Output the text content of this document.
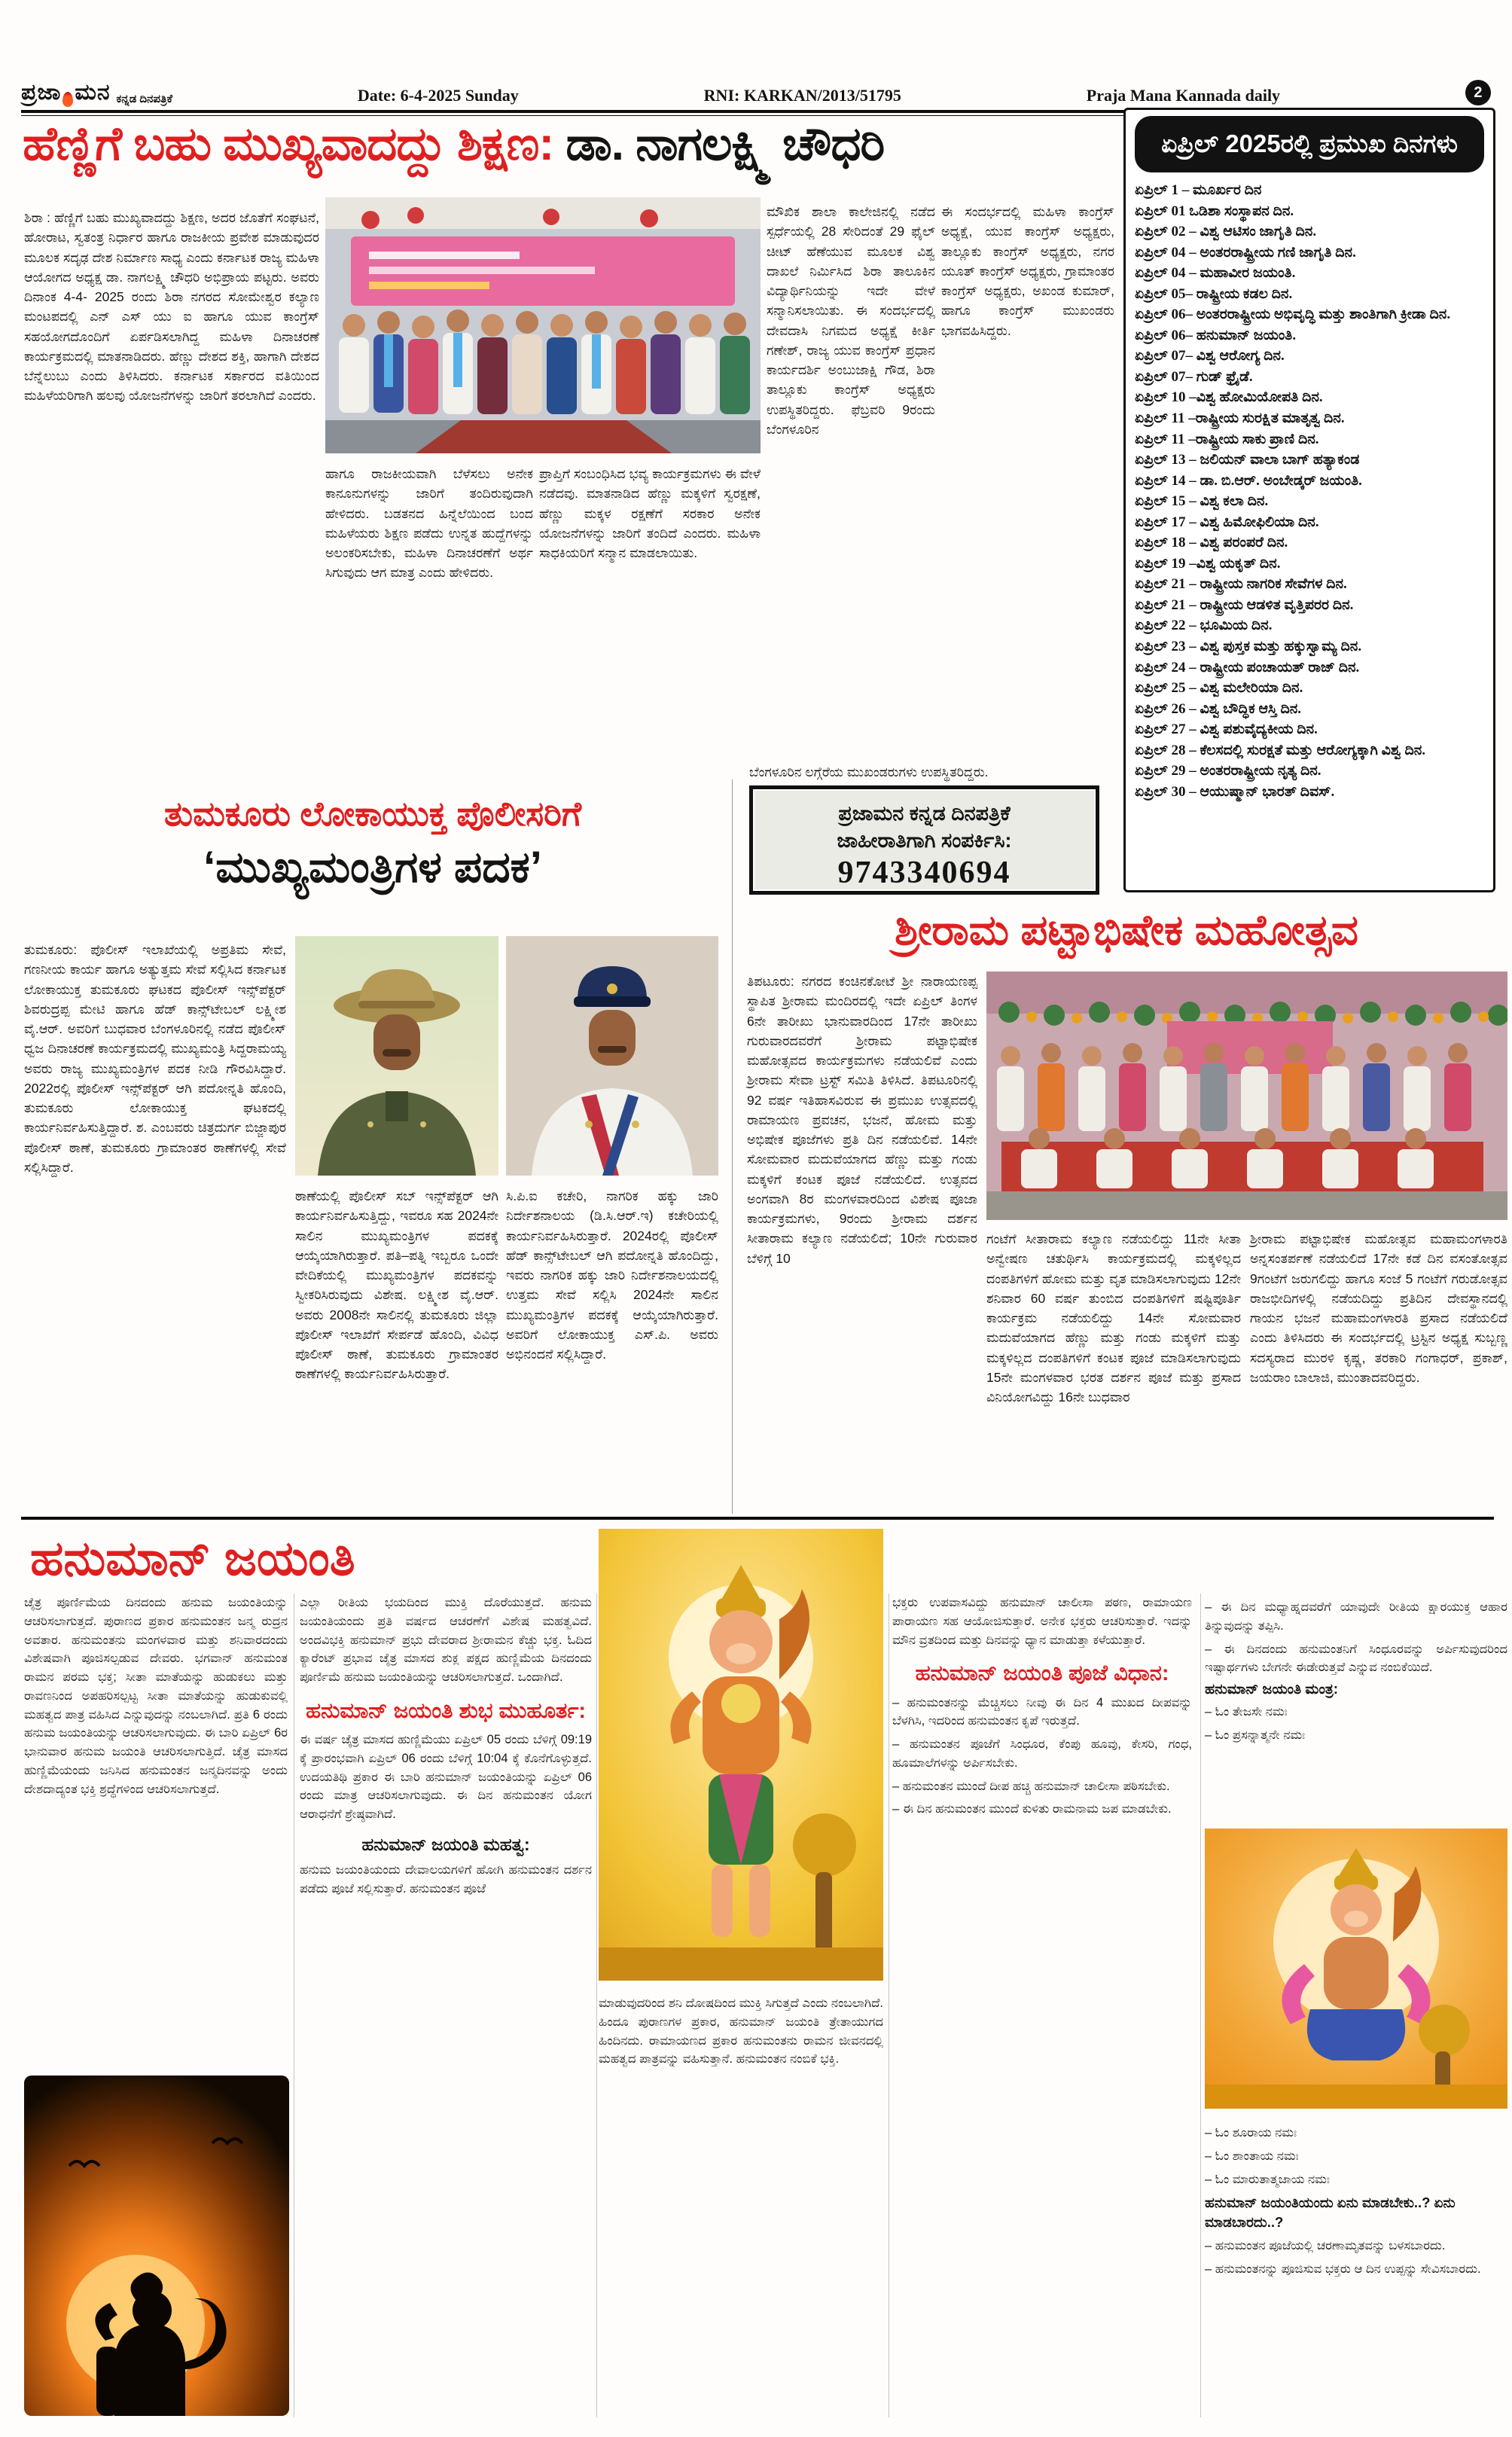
ಪ್ರಜಾ ಮನ ಕನ್ನಡ ದಿನಪತ್ರಿಕೆ	Date: 6-4-2025 Sunday	RNI: KARKAN/2013/51795	Praja Mana Kannada daily	2
ಹೆಣ್ಣಿಗೆ ಬಹು ಮುಖ್ಯವಾದದ್ದು ಶಿಕ್ಷಣ: ಡಾ. ನಾಗಲಕ್ಷ್ಮಿ ಚೌಧರಿ
ಶಿರಾ : ಹೆಣ್ಣಿಗೆ ಬಹು ಮುಖ್ಯವಾದದ್ದು ಶಿಕ್ಷಣ, ಅದರ ಜೊತೆಗೆ ಸಂಘಟನೆ, ಹೋರಾಟ, ಸ್ವತಂತ್ರ ನಿರ್ಧಾರ ಹಾಗೂ ರಾಜಕೀಯ ಪ್ರವೇಶ ಮಾಡುವುದರ ಮೂಲಕ ಸದೃಢ ದೇಶ ನಿರ್ಮಾಣ ಸಾಧ್ಯ ಎಂದು ಕರ್ನಾಟಕ ರಾಜ್ಯ ಮಹಿಳಾ ಆಯೋಗದ ಅಧ್ಯಕ್ಷ ಡಾ. ನಾಗಲಕ್ಷ್ಮಿ ಚೌಧರಿ ಅಭಿಪ್ರಾಯ ಪಟ್ಟರು. ಅವರು ದಿನಾಂಕ 4-4- 2025 ರಂದು ಶಿರಾ ನಗರದ ಸೋಮೇಶ್ವರ ಕಲ್ಯಾಣ ಮಂಟಪದಲ್ಲಿ ಎನ್ ಎಸ್ ಯು ಐ ಹಾಗೂ ಯುವ ಕಾಂಗ್ರೆಸ್ ಸಹಯೋಗದೊಂದಿಗೆ ಏರ್ಪಡಿಸಲಾಗಿದ್ದ ಮಹಿಳಾ ದಿನಾಚರಣೆ ಕಾರ್ಯಕ್ರಮದಲ್ಲಿ ಮಾತನಾಡಿದರು. ಹೆಣ್ಣು ದೇಶದ ಶಕ್ತಿ, ಹಾಗಾಗಿ ದೇಶದ ಬೆನ್ನೆಲುಬು ಎಂದು ತಿಳಿಸಿದರು. ಕರ್ನಾಟಕ ಸರ್ಕಾರದ ವತಿಯಿಂದ ಮಹಿಳೆಯರಿಗಾಗಿ ಹಲವು ಯೋಜನೆಗಳನ್ನು ಜಾರಿಗೆ ತರಲಾಗಿದೆ ಎಂದರು.
ಹಾಗೂ ರಾಜಕೀಯವಾಗಿ ಬೆಳೆಸಲು ಅನೇಕ ಕಾನೂನುಗಳನ್ನು ಜಾರಿಗೆ ತಂದಿರುವುದಾಗಿ ಹೇಳಿದರು. ಬಡತನದ ಹಿನ್ನೆಲೆಯಿಂದ ಬಂದ ಮಹಿಳೆಯರು ಶಿಕ್ಷಣ ಪಡೆದು ಉನ್ನತ ಹುದ್ದೆಗಳನ್ನು ಅಲಂಕರಿಸಬೇಕು, ಮಹಿಳಾ ದಿನಾಚರಣೆಗೆ ಅರ್ಥ ಸಿಗುವುದು ಆಗ ಮಾತ್ರ ಎಂದು ಹೇಳಿದರು.
ಪ್ರಾಪ್ತಿಗೆ ಸಂಬಂಧಿಸಿದ ಭವ್ಯ ಕಾರ್ಯಕ್ರಮಗಳು ಈ ವೇಳೆ ನಡೆದವು. ಮಾತನಾಡಿದ ಹೆಣ್ಣು ಮಕ್ಕಳಿಗೆ ಸ್ವರಕ್ಷಣೆ, ಹೆಣ್ಣು ಮಕ್ಕಳ ರಕ್ಷಣೆಗೆ ಸರಕಾರ ಅನೇಕ ಯೋಜನೆಗಳನ್ನು ಜಾರಿಗೆ ತಂದಿದೆ ಎಂದರು. ಮಹಿಳಾ ಸಾಧಕಿಯರಿಗೆ ಸನ್ಮಾನ ಮಾಡಲಾಯಿತು.
ಮೌಖಿಕ ಶಾಲಾ ಕಾಲೇಜಿನಲ್ಲಿ ನಡೆದ ಸ್ಪರ್ಧೆಯಲ್ಲಿ 28 ಸೇರಿದಂತೆ 29 ಫೈಲ್ ಚೀಟ್ ಹೆಣೆಯುವ ಮೂಲಕ ವಿಶ್ವ ದಾಖಲೆ ನಿರ್ಮಿಸಿದ ಶಿರಾ ತಾಲೂಕಿನ ವಿದ್ಯಾರ್ಥಿನಿಯನ್ನು ಇದೇ ವೇಳೆ ಸನ್ಮಾನಿಸಲಾಯಿತು. ಈ ಸಂದರ್ಭದಲ್ಲಿ ದೇವದಾಸಿ ನಿಗಮದ ಅಧ್ಯಕ್ಷೆ ಕೀರ್ತಿ ಗಣೇಶ್, ರಾಜ್ಯ ಯುವ ಕಾಂಗ್ರೆಸ್ ಪ್ರಧಾನ ಕಾರ್ಯದರ್ಶಿ ಅಂಬುಜಾಕ್ಷಿ ಗೌಡ, ಶಿರಾ ತಾಲ್ಲೂಕು ಕಾಂಗ್ರೆಸ್ ಅಧ್ಯಕ್ಷರು ಉಪಸ್ಥಿತರಿದ್ದರು. ಫೆಬ್ರವರಿ 9ರಂದು ಬೆಂಗಳೂರಿನ
ಈ ಸಂದರ್ಭದಲ್ಲಿ ಮಹಿಳಾ ಕಾಂಗ್ರೆಸ್ ಅಧ್ಯಕ್ಷೆ, ಯುವ ಕಾಂಗ್ರೆಸ್ ಅಧ್ಯಕ್ಷರು, ತಾಲ್ಲೂಕು ಕಾಂಗ್ರೆಸ್ ಅಧ್ಯಕ್ಷರು, ನಗರ ಯೂತ್ ಕಾಂಗ್ರೆಸ್ ಅಧ್ಯಕ್ಷರು, ಗ್ರಾಮಾಂತರ ಕಾಂಗ್ರೆಸ್ ಅಧ್ಯಕ್ಷರು, ಅಖಂಡ ಕುಮಾರ್, ಹಾಗೂ ಕಾಂಗ್ರೆಸ್ ಮುಖಂಡರು ಭಾಗವಹಿಸಿದ್ದರು.
ಬೆಂಗಳೂರಿನ ಲಗ್ಗೆರೆಯ ಮುಖಂಡರುಗಳು ಉಪಸ್ಥಿತರಿದ್ದರು.
ಏಪ್ರಿಲ್ 2025ರಲ್ಲಿ ಪ್ರಮುಖ ದಿನಗಳು
ಏಪ್ರಿಲ್ 1 – ಮೂರ್ಖರ ದಿನ
ಏಪ್ರಿಲ್ 01 ಒಡಿಶಾ ಸಂಸ್ಥಾಪನ ದಿನ.
ಏಪ್ರಿಲ್ 02 – ವಿಶ್ವ ಆಟಿಸಂ ಜಾಗೃತಿ ದಿನ.
ಏಪ್ರಿಲ್ 04 – ಅಂತರರಾಷ್ಟ್ರೀಯ ಗಣಿ ಜಾಗೃತಿ ದಿನ.
ಏಪ್ರಿಲ್ 04 – ಮಹಾವೀರ ಜಯಂತಿ.
ಏಪ್ರಿಲ್ 05– ರಾಷ್ಟ್ರೀಯ ಕಡಲ ದಿನ.
ಏಪ್ರಿಲ್ 06– ಅಂತರರಾಷ್ಟ್ರೀಯ ಅಭಿವೃದ್ಧಿ ಮತ್ತು ಶಾಂತಿಗಾಗಿ ಕ್ರೀಡಾ ದಿನ.
ಏಪ್ರಿಲ್ 06– ಹನುಮಾನ್ ಜಯಂತಿ.
ಏಪ್ರಿಲ್ 07– ವಿಶ್ವ ಆರೋಗ್ಯ ದಿನ.
ಏಪ್ರಿಲ್ 07– ಗುಡ್ ಫ್ರೈಡೆ.
ಏಪ್ರಿಲ್ 10 –ವಿಶ್ವ ಹೋಮಿಯೋಪತಿ ದಿನ.
ಏಪ್ರಿಲ್ 11 –ರಾಷ್ಟ್ರೀಯ ಸುರಕ್ಷಿತ ಮಾತೃತ್ವ ದಿನ.
ಏಪ್ರಿಲ್ 11 –ರಾಷ್ಟ್ರೀಯ ಸಾಕು ಪ್ರಾಣಿ ದಿನ.
ಏಪ್ರಿಲ್ 13 – ಜಲಿಯನ್ ವಾಲಾ ಬಾಗ್ ಹತ್ಯಾಕಂಡ
ಏಪ್ರಿಲ್ 14 – ಡಾ. ಬಿ.ಆರ್. ಅಂಬೇಡ್ಕರ್ ಜಯಂತಿ.
ಏಪ್ರಿಲ್ 15 – ವಿಶ್ವ ಕಲಾ ದಿನ.
ಏಪ್ರಿಲ್ 17 – ವಿಶ್ವ ಹಿಮೋಫಿಲಿಯಾ ದಿನ.
ಏಪ್ರಿಲ್ 18 – ವಿಶ್ವ ಪರಂಪರೆ ದಿನ.
ಏಪ್ರಿಲ್ 19 –ವಿಶ್ವ ಯಕೃತ್ ದಿನ.
ಏಪ್ರಿಲ್ 21 – ರಾಷ್ಟ್ರೀಯ ನಾಗರಿಕ ಸೇವೆಗಳ ದಿನ.
ಏಪ್ರಿಲ್ 21 – ರಾಷ್ಟ್ರೀಯ ಆಡಳಿತ ವೃತ್ತಿಪರರ ದಿನ.
ಏಪ್ರಿಲ್ 22 – ಭೂಮಿಯ ದಿನ.
ಏಪ್ರಿಲ್ 23 – ವಿಶ್ವ ಪುಸ್ತಕ ಮತ್ತು ಹಕ್ಕುಸ್ವಾಮ್ಯ ದಿನ.
ಏಪ್ರಿಲ್ 24 – ರಾಷ್ಟ್ರೀಯ ಪಂಚಾಯತ್ ರಾಜ್ ದಿನ.
ಏಪ್ರಿಲ್ 25 – ವಿಶ್ವ ಮಲೇರಿಯಾ ದಿನ.
ಏಪ್ರಿಲ್ 26 – ವಿಶ್ವ ಬೌದ್ಧಿಕ ಆಸ್ತಿ ದಿನ.
ಏಪ್ರಿಲ್ 27 – ವಿಶ್ವ ಪಶುವೈದ್ಯಕೀಯ ದಿನ.
ಏಪ್ರಿಲ್ 28 – ಕೆಲಸದಲ್ಲಿ ಸುರಕ್ಷತೆ ಮತ್ತು ಆರೋಗ್ಯಕ್ಕಾಗಿ ವಿಶ್ವ ದಿನ.
ಏಪ್ರಿಲ್ 29 – ಅಂತರರಾಷ್ಟ್ರೀಯ ನೃತ್ಯ ದಿನ.
ಏಪ್ರಿಲ್ 30 – ಆಯುಷ್ಮಾನ್ ಭಾರತ್ ದಿವಸ್.
ಪ್ರಜಾಮನ ಕನ್ನಡ ದಿನಪತ್ರಿಕೆ
ಜಾಹೀರಾತಿಗಾಗಿ ಸಂಪರ್ಕಿಸಿ:
9743340694
ತುಮಕೂರು ಲೋಕಾಯುಕ್ತ ಪೊಲೀಸರಿಗೆ
‘ಮುಖ್ಯಮಂತ್ರಿಗಳ ಪದಕ’
ತುಮಕೂರು: ಪೊಲೀಸ್ ಇಲಾಖೆಯಲ್ಲಿ ಅಪ್ರತಿಮ ಸೇವೆ, ಗಣನೀಯ ಕಾರ್ಯ ಹಾಗೂ ಅತ್ಯುತ್ತಮ ಸೇವೆ ಸಲ್ಲಿಸಿದ ಕರ್ನಾಟಕ ಲೋಕಾಯುಕ್ತ ತುಮಕೂರು ಘಟಕದ ಪೊಲೀಸ್ ಇನ್ಸ್‌ಪೆಕ್ಟರ್ ಶಿವರುದ್ರಪ್ಪ ಮೇಟಿ ಹಾಗೂ ಹೆಡ್ ಕಾನ್ಸ್‌ಟೇಬಲ್ ಲಕ್ಷ್ಮೀಶ ವೈ.ಆರ್. ಅವರಿಗೆ ಬುಧವಾರ ಬೆಂಗಳೂರಿನಲ್ಲಿ ನಡೆದ ಪೊಲೀಸ್ ಧ್ವಜ ದಿನಾಚರಣೆ ಕಾರ್ಯಕ್ರಮದಲ್ಲಿ ಮುಖ್ಯಮಂತ್ರಿ ಸಿದ್ದರಾಮಯ್ಯ ಅವರು ರಾಜ್ಯ ಮುಖ್ಯಮಂತ್ರಿಗಳ ಪದಕ ನೀಡಿ ಗೌರವಿಸಿದ್ದಾರೆ. 2022ರಲ್ಲಿ ಪೊಲೀಸ್ ಇನ್ಸ್‌ಪೆಕ್ಟರ್ ಆಗಿ ಪದೋನ್ನತಿ ಹೊಂದಿ, ತುಮಕೂರು ಲೋಕಾಯುಕ್ತ ಘಟಕದಲ್ಲಿ ಕಾರ್ಯನಿರ್ವಹಿಸುತ್ತಿದ್ದಾರೆ. ಶ. ಎಂಬವರು ಚಿತ್ರದುರ್ಗ ಬಿಜ್ಜಾಪುರ ಪೊಲೀಸ್ ಠಾಣೆ, ತುಮಕೂರು ಗ್ರಾಮಾಂತರ ಠಾಣೆಗಳಲ್ಲಿ ಸೇವೆ ಸಲ್ಲಿಸಿದ್ದಾರೆ.
ಠಾಣೆಯಲ್ಲಿ ಪೊಲೀಸ್ ಸಬ್ ಇನ್ಸ್‌ಪೆಕ್ಟರ್ ಆಗಿ ಕಾರ್ಯನಿರ್ವಹಿಸುತ್ತಿದ್ದು, ಇವರೂ ಸಹ 2024ನೇ ಸಾಲಿನ ಮುಖ್ಯಮಂತ್ರಿಗಳ ಪದಕಕ್ಕೆ ಆಯ್ಕೆಯಾಗಿರುತ್ತಾರೆ. ಪತಿ–ಪತ್ನಿ ಇಬ್ಬರೂ ಒಂದೇ ವೇದಿಕೆಯಲ್ಲಿ ಮುಖ್ಯಮಂತ್ರಿಗಳ ಪದಕವನ್ನು ಸ್ವೀಕರಿಸಿರುವುದು ವಿಶೇಷ. ಲಕ್ಷ್ಮೀಶ ವೈ.ಆರ್. ಅವರು 2008ನೇ ಸಾಲಿನಲ್ಲಿ ತುಮಕೂರು ಜಿಲ್ಲಾ ಪೊಲೀಸ್ ಇಲಾಖೆಗೆ ಸೇರ್ಪಡೆ ಹೊಂದಿ, ವಿವಿಧ ಪೊಲೀಸ್ ಠಾಣೆ, ತುಮಕೂರು ಗ್ರಾಮಾಂತರ ಠಾಣೆಗಳಲ್ಲಿ ಕಾರ್ಯನಿರ್ವಹಿಸಿರುತ್ತಾರೆ.
ಸಿ.ಪಿ.ಐ ಕಚೇರಿ, ನಾಗರಿಕ ಹಕ್ಕು ಜಾರಿ ನಿರ್ದೇಶನಾಲಯ (ಡಿ.ಸಿ.ಆರ್.ಇ) ಕಚೇರಿಯಲ್ಲಿ ಕಾರ್ಯನಿರ್ವಹಿಸಿರುತ್ತಾರೆ. 2024ರಲ್ಲಿ ಪೊಲೀಸ್ ಹೆಡ್ ಕಾನ್ಸ್‌ಟೇಬಲ್ ಆಗಿ ಪದೋನ್ನತಿ ಹೊಂದಿದ್ದು, ಇವರು ನಾಗರಿಕ ಹಕ್ಕು ಜಾರಿ ನಿರ್ದೇಶನಾಲಯದಲ್ಲಿ ಉತ್ತಮ ಸೇವೆ ಸಲ್ಲಿಸಿ 2024ನೇ ಸಾಲಿನ ಮುಖ್ಯಮಂತ್ರಿಗಳ ಪದಕಕ್ಕೆ ಆಯ್ಕೆಯಾಗಿರುತ್ತಾರೆ. ಅವರಿಗೆ ಲೋಕಾಯುಕ್ತ ಎಸ್.ಪಿ. ಅವರು ಅಭಿನಂದನೆ ಸಲ್ಲಿಸಿದ್ದಾರೆ.
ಶ್ರೀರಾಮ ಪಟ್ಟಾಭಿಷೇಕ ಮಹೋತ್ಸವ
ತಿಪಟೂರು: ನಗರದ ಕಂಚಿನಕೋಟೆ ಶ್ರೀ ನಾರಾಯಣಪ್ಪ ಸ್ಥಾಪಿತ ಶ್ರೀರಾಮ ಮಂದಿರದಲ್ಲಿ ಇದೇ ಏಪ್ರಿಲ್ ತಿಂಗಳ 6ನೇ ತಾರೀಖು ಭಾನುವಾರದಿಂದ 17ನೇ ತಾರೀಖು ಗುರುವಾರದವರೆಗೆ ಶ್ರೀರಾಮ ಪಟ್ಟಾಭಿಷೇಕ ಮಹೋತ್ಸವದ ಕಾರ್ಯಕ್ರಮಗಳು ನಡೆಯಲಿವೆ ಎಂದು ಶ್ರೀರಾಮ ಸೇವಾ ಟ್ರಸ್ಟ್ ಸಮಿತಿ ತಿಳಿಸಿದೆ. ತಿಪಟೂರಿನಲ್ಲಿ 92 ವರ್ಷ ಇತಿಹಾಸವಿರುವ ಈ ಪ್ರಮುಖ ಉತ್ಸವದಲ್ಲಿ ರಾಮಾಯಣ ಪ್ರವಚನ, ಭಜನೆ, ಹೋಮ ಮತ್ತು ಅಭಿಷೇಕ ಪೂಜೆಗಳು ಪ್ರತಿ ದಿನ ನಡೆಯಲಿವೆ. 14ನೇ ಸೋಮವಾರ ಮದುವೆಯಾಗದ ಹೆಣ್ಣು ಮತ್ತು ಗಂಡು ಮಕ್ಕಳಿಗೆ ಕಂಟಕ ಪೂಜೆ ನಡೆಯಲಿದೆ. ಉತ್ಸವದ ಅಂಗವಾಗಿ 8ರ ಮಂಗಳವಾರದಿಂದ ವಿಶೇಷ ಪೂಜಾ ಕಾರ್ಯಕ್ರಮಗಳು, 9ರಂದು ಶ್ರೀರಾಮ ದರ್ಶನ ಸೀತಾರಾಮ ಕಲ್ಯಾಣ ನಡೆಯಲಿದೆ; 10ನೇ ಗುರುವಾರ ಬೆಳಿಗ್ಗೆ 10
ಗಂಟೆಗೆ ಸೀತಾರಾಮ ಕಲ್ಯಾಣ ನಡೆಯಲಿದ್ದು 11ನೇ ಸೀತಾ ಅನ್ವೇಷಣ ಚತುರ್ಥಿಸಿ ಕಾರ್ಯಕ್ರಮದಲ್ಲಿ ಮಕ್ಕಳಿಲ್ಲದ ದಂಪತಿಗಳಿಗೆ ಹೋಮ ಮತ್ತು ವೃತ ಮಾಡಿಸಲಾಗುವುದು 12ನೇ ಶನಿವಾರ 60 ವರ್ಷ ತುಂಬಿದ ದಂಪತಿಗಳಿಗೆ ಷಷ್ಟಿಪೂರ್ತಿ ಕಾರ್ಯಕ್ರಮ ನಡೆಯಲಿದ್ದು 14ನೇ ಸೋಮವಾರ ಮದುವೆಯಾಗದ ಹೆಣ್ಣು ಮತ್ತು ಗಂಡು ಮಕ್ಕಳಿಗೆ ಮತ್ತು ಮಕ್ಕಳಿಲ್ಲದ ದಂಪತಿಗಳಿಗೆ ಕಂಟಕ ಪೂಜೆ ಮಾಡಿಸಲಾಗುವುದು 15ನೇ ಮಂಗಳವಾರ ಭರತ ದರ್ಶನ ಪೂಜೆ ಮತ್ತು ಪ್ರಸಾದ ವಿನಿಯೋಗವಿದ್ದು 16ನೇ ಬುಧವಾರ
ಶ್ರೀರಾಮ ಪಟ್ಟಾಭಿಷೇಕ ಮಹೋತ್ಸವ ಮಹಾಮಂಗಳಾರತಿ ಅನ್ನಸಂತರ್ಪಣೆ ನಡೆಯಲಿದೆ 17ನೇ ಕಡೆ ದಿನ ವಸಂತೋತ್ಸವ 9ಗಂಟೆಗೆ ಜರುಗಲಿದ್ದು ಹಾಗೂ ಸಂಜೆ 5 ಗಂಟೆಗೆ ಗರುಡೋತ್ಸವ ರಾಜಭೀದಿಗಳಲ್ಲಿ ನಡೆಯದಿದ್ದು ಪ್ರತಿದಿನ ದೇವಸ್ಥಾನದಲ್ಲಿ ಗಾಯನ ಭಜನೆ ಮಹಾಮಂಗಳಾರತಿ ಪ್ರಸಾದ ನಡೆಯಲಿದೆ ಎಂದು ತಿಳಿಸಿದರು ಈ ಸಂದರ್ಭದಲ್ಲಿ ಟ್ರಸ್ಟಿನ ಅಧ್ಯಕ್ಷ ಸುಬ್ಬಣ್ಣ ಸದಸ್ಯರಾದ ಮುರಳಿ ಕೃಷ್ಣ, ತರಕಾರಿ ಗಂಗಾಧರ್, ಪ್ರಕಾಶ್, ಜಯರಾಂ ಬಾಲಾಜಿ, ಮುಂತಾದವರಿದ್ದರು.
ಹನುಮಾನ್ ಜಯಂತಿ
ಚೈತ್ರ ಪೂರ್ಣಿಮೆಯ ದಿನದಂದು ಹನುಮ ಜಯಂತಿಯನ್ನು ಆಚರಿಸಲಾಗುತ್ತದೆ. ಪುರಾಣದ ಪ್ರಕಾರ ಹನುಮಂತನ ಜನ್ಮ ರುದ್ರನ ಅವತಾರ. ಹನುಮಂತನು ಮಂಗಳವಾರ ಮತ್ತು ಶನಿವಾರದಂದು ವಿಶೇಷವಾಗಿ ಪೂಜಿಸಲ್ಪಡುವ ದೇವರು. ಭಗವಾನ್ ಹನುಮಂತ ರಾಮನ ಪರಮ ಭಕ್ತ; ಸೀತಾ ಮಾತೆಯನ್ನು ಹುಡುಕಲು ಮತ್ತು ರಾವಣನಿಂದ ಅಪಹರಿಸಲ್ಪಟ್ಟ ಸೀತಾ ಮಾತೆಯನ್ನು ಹುಡುಕುವಲ್ಲಿ ಮಹತ್ವದ ಪಾತ್ರ ವಹಿಸಿದ ಎನ್ನುವುದನ್ನು ನಂಬಲಾಗಿದೆ. ಪ್ರತಿ 6 ರಂದು ಹನುಮ ಜಯಂತಿಯನ್ನು ಆಚರಿಸಲಾಗುವುದು. ಈ ಬಾರಿ ಏಪ್ರಿಲ್ 6ರ ಭಾನುವಾರ ಹನುಮ ಜಯಂತಿ ಆಚರಿಸಲಾಗುತ್ತಿದೆ. ಚೈತ್ರ ಮಾಸದ ಹುಣ್ಣಿಮೆಯಂದು ಜನಿಸಿದ ಹನುಮಂತನ ಜನ್ಮದಿನವನ್ನು ಅಂದು ದೇಶದಾದ್ಯಂತ ಭಕ್ತಿ ಶ್ರದ್ಧೆಗಳಿಂದ ಆಚರಿಸಲಾಗುತ್ತದೆ.

ಎಲ್ಲಾ ರೀತಿಯ ಭಯದಿಂದ ಮುಕ್ತಿ ದೊರೆಯುತ್ತದೆ. ಹನುಮ ಜಯಂತಿಯಂದು ಪ್ರತಿ ವರ್ಷದ ಆಚರಣೆಗೆ ವಿಶೇಷ ಮಹತ್ವವಿದೆ. ಅಂದವಿಭಕ್ತಿ ಹನುಮಾನ್ ಪ್ರಭು ದೇವರಾದ ಶ್ರೀರಾಮನ ಕೆಚ್ಚು ಭಕ್ತ. ಓದಿದ ಕ್ಯಾರೆಂಟ್ ಪ್ರಭಾವ ಚೈತ್ರ ಮಾಸದ ಶುಕ್ಲ ಪಕ್ಷದ ಹುಣ್ಣಿಮೆಯ ದಿನದಂದು ಪೂರ್ಣಿಮೆ ಹನುಮ ಜಯಂತಿಯನ್ನು ಆಚರಿಸಲಾಗುತ್ತದೆ. ಒಂದಾಗಿದೆ.

ಹನುಮಾನ್ ಜಯಂತಿ ಶುಭ ಮುಹೂರ್ತ:

ಈ ವರ್ಷ ಚೈತ್ರ ಮಾಸದ ಹುಣ್ಣಿಮೆಯು ಏಪ್ರಿಲ್ 05 ರಂದು ಬೆಳಿಗ್ಗೆ 09:19 ಕ್ಕೆ ಪ್ರಾರಂಭವಾಗಿ ಏಪ್ರಿಲ್ 06 ರಂದು ಬೆಳಿಗ್ಗೆ 10:04 ಕ್ಕೆ ಕೊನೆಗೊಳ್ಳುತ್ತದೆ. ಉದಯತಿಥಿ ಪ್ರಕಾರ ಈ ಬಾರಿ ಹನುಮಾನ್ ಜಯಂತಿಯನ್ನು ಏಪ್ರಿಲ್ 06 ರಂದು ಮಾತ್ರ ಆಚರಿಸಲಾಗುವುದು. ಈ ದಿನ ಹನುಮಂತನ ಯೋಗ ಆರಾಧನೆಗೆ ಶ್ರೇಷ್ಠವಾಗಿದೆ.

ಹನುಮಾನ್ ಜಯಂತಿ ಮಹತ್ವ:

ಹನುಮ ಜಯಂತಿಯಂದು ದೇವಾಲಯಗಳಿಗೆ ಹೋಗಿ ಹನುಮಂತನ ದರ್ಶನ ಪಡೆದು ಪೂಜೆ ಸಲ್ಲಿಸುತ್ತಾರೆ. ಹನುಮಂತನ ಪೂಜೆ

ಮಾಡುವುದರಿಂದ ಶನಿ ದೋಷದಿಂದ ಮುಕ್ತಿ ಸಿಗುತ್ತದೆ ಎಂದು ನಂಬಲಾಗಿದೆ. ಹಿಂದೂ ಪುರಾಣಗಳ ಪ್ರಕಾರ, ಹನುಮಾನ್ ಜಯಂತಿ ತ್ರೇತಾಯುಗದ ಹಿಂದಿನದು. ರಾಮಾಯಣದ ಪ್ರಕಾರ ಹನುಮಂತನು ರಾಮನ ಜೀವನದಲ್ಲಿ ಮಹತ್ವದ ಪಾತ್ರವನ್ನು ವಹಿಸುತ್ತಾನೆ. ಹನುಮಂತನ ನಂಬಿಕೆ ಭಕ್ತಿ.

ಭಕ್ತರು ಉಪವಾಸವಿದ್ದು ಹನುಮಾನ್ ಚಾಲೀಸಾ ಪಠಣ, ರಾಮಾಯಣ ಪಾರಾಯಣ ಸಹ ಆಯೋಜಿಸುತ್ತಾರೆ. ಅನೇಕ ಭಕ್ತರು ಆಚರಿಸುತ್ತಾರೆ. ಇದನ್ನು ಮೌನ ವ್ರತದಿಂದ ಮತ್ತು ದಿನವನ್ನು ಧ್ಯಾನ ಮಾಡುತ್ತಾ ಕಳೆಯುತ್ತಾರೆ.

ಹನುಮಾನ್ ಜಯಂತಿ ಪೂಜೆ ವಿಧಾನ:
– ಹನುಮಂತನನ್ನು ಮೆಚ್ಚಿಸಲು ನೀವು ಈ ದಿನ 4 ಮುಖದ ದೀಪವನ್ನು ಬೆಳಗಿಸಿ, ಇದರಿಂದ ಹನುಮಂತನ ಕೃಪೆ ಇರುತ್ತದೆ.
– ಹನುಮಂತನ ಪೂಜೆಗೆ ಸಿಂಧೂರ, ಕೆಂಪು ಹೂವು, ಕೇಸರಿ, ಗಂಧ, ಹೂಮಾಲೆಗಳನ್ನು ಅರ್ಪಿಸಬೇಕು.
– ಹನುಮಂತನ ಮುಂದೆ ದೀಪ ಹಚ್ಚಿ ಹನುಮಾನ್ ಚಾಲೀಸಾ ಪಠಿಸಬೇಕು.
– ಈ ದಿನ ಹನುಮಂತನ ಮುಂದೆ ಕುಳಿತು ರಾಮನಾಮ ಜಪ ಮಾಡಬೇಕು.
– ಈ ದಿನ ಮಧ್ಯಾಹ್ನದವರೆಗೆ ಯಾವುದೇ ರೀತಿಯ ಕ್ಷಾರಯುಕ್ತ ಆಹಾರ ತಿನ್ನುವುದನ್ನು ತಪ್ಪಿಸಿ.
– ಈ ದಿನದಂದು ಹನುಮಂತನಿಗೆ ಸಿಂಧೂರವನ್ನು ಅರ್ಪಿಸುವುದರಿಂದ ಇಷ್ಟಾರ್ಥಗಳು ಬೇಗನೇ ಈಡೇರುತ್ತವೆ ಎನ್ನುವ ನಂಬಿಕೆಯಿದೆ.
ಹನುಮಾನ್ ಜಯಂತಿ ಮಂತ್ರ:
– ಓಂ ತೇಜಸೇ ನಮಃ
– ಓಂ ಪ್ರಸನ್ನಾತ್ಮನೇ ನಮಃ
– ಓಂ ಶೂರಾಯ ನಮಃ
– ಓಂ ಶಾಂತಾಯ ನಮಃ
– ಓಂ ಮಾರುತಾತ್ಮಜಾಯ ನಮಃ
ಹನುಮಾನ್ ಜಯಂತಿಯಂದು ಏನು ಮಾಡಬೇಕು..? ಏನು ಮಾಡಬಾರದು..?
– ಹನುಮಂತನ ಪೂಜೆಯಲ್ಲಿ ಚರಣಾಮೃತವನ್ನು ಬಳಸಬಾರದು.
– ಹನುಮಂತನನ್ನು ಪೂಜಿಸುವ ಭಕ್ತರು ಆ ದಿನ ಉಪ್ಪನ್ನು ಸೇವಿಸಬಾರದು.
